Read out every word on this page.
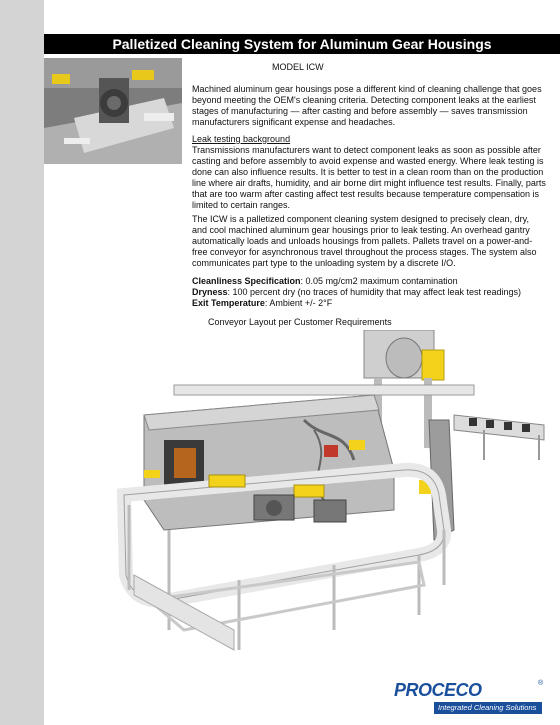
Palletized Cleaning System for Aluminum Gear Housings
MODEL ICW
Machined aluminum gear housings pose a different kind of cleaning challenge that goes beyond meeting the OEM's cleaning criteria. Detecting component leaks at the earliest stages of manufacturing — after casting and before assembly — saves transmission manufacturers significant expense and headaches.
Leak testing background
Transmissions manufacturers want to detect component leaks as soon as possible after casting and before assembly to avoid expense and wasted energy. Where leak testing is done can also influence results. It is better to test in a clean room than on the production line where air drafts, humidity, and air borne dirt might influence test results. Finally, parts that are too warm after casting affect test results because temperature compensation is limited to certain ranges.
The ICW is a palletized component cleaning system designed to precisely clean, dry, and cool machined aluminum gear housings prior to leak testing. An overhead gantry automatically loads and unloads housings from pallets. Pallets travel on a power-and-free conveyor for asynchronous travel throughout the process stages. The system also communicates part type to the unloading system by a discrete I/O.
Cleanliness Specification: 0.05 mg/cm2 maximum contamination
Dryness: 100 percent dry (no traces of humidity that may affect leak test readings)
Exit Temperature: Ambient +/- 2°F
Conveyor Layout per Customer Requirements
PROCECO	®
Integrated Cleaning Solutions
